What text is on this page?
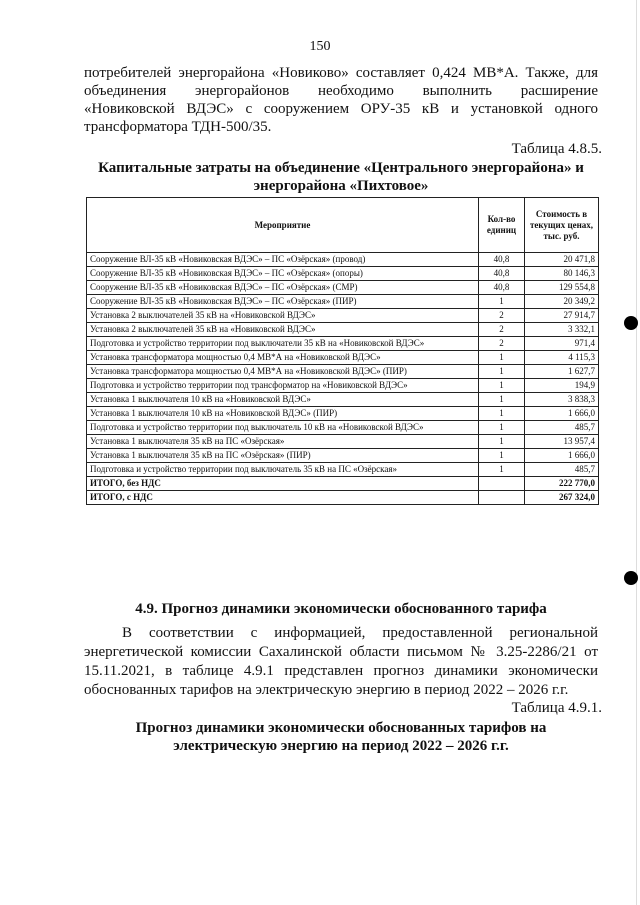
150
потребителей энергорайона «Новиково» составляет 0,424 МВ*А. Также, для
объединения энергорайонов необходимо выполнить расширение
«Новиковской ВДЭС» с сооружением ОРУ-35 кВ и установкой одного
трансформатора ТДН-500/35.
Таблица 4.8.5.
Капитальные затраты на объединение «Центрального энергорайона» и
энергорайона «Пихтовое»
Мероприятие	Кол-во единиц	Стоимость в текущих ценах, тыс. руб.
Сооружение ВЛ-35 кВ «Новиковская ВДЭС» – ПС «Озёрская» (провод)	40,8	20 471,8
Сооружение ВЛ-35 кВ «Новиковская ВДЭС» – ПС «Озёрская» (опоры)	40,8	80 146,3
Сооружение ВЛ-35 кВ «Новиковская ВДЭС» – ПС «Озёрская» (СМР)	40,8	129 554,8
Сооружение ВЛ-35 кВ «Новиковская ВДЭС» – ПС «Озёрская» (ПИР)	1	20 349,2
Установка 2 выключателей 35 кВ на «Новиковской ВДЭС»	2	27 914,7
Установка 2 выключателей 35 кВ на «Новиковской ВДЭС»	2	3 332,1
Подготовка и устройство территории под выключатели 35 кВ на «Новиковской ВДЭС»	2	971,4
Установка трансформатора мощностью 0,4 МВ*А на «Новиковской ВДЭС»	1	4 115,3
Установка трансформатора мощностью 0,4 МВ*А на «Новиковской ВДЭС» (ПИР)	1	1 627,7
Подготовка и устройство территории под трансформатор на «Новиковской ВДЭС»	1	194,9
Установка 1 выключателя 10 кВ на «Новиковской ВДЭС»	1	3 838,3
Установка 1 выключателя 10 кВ на «Новиковской ВДЭС» (ПИР)	1	1 666,0
Подготовка и устройство территории под выключатель 10 кВ на «Новиковской ВДЭС»	1	485,7
Установка 1 выключателя 35 кВ на ПС «Озёрская»	1	13 957,4
Установка 1 выключателя 35 кВ на ПС «Озёрская» (ПИР)	1	1 666,0
Подготовка и устройство территории под выключатель 35 кВ на ПС «Озёрская»	1	485,7
ИТОГО, без НДС		222 770,0
ИТОГО, с НДС		267 324,0
4.9. Прогноз динамики экономически обоснованного тарифа
В соответствии с информацией, предоставленной региональной
энергетической комиссии Сахалинской области письмом № 3.25-2286/21 от
15.11.2021, в таблице 4.9.1 представлен прогноз динамики экономически
обоснованных тарифов на электрическую энергию в период 2022 – 2026 г.г.
Таблица 4.9.1.
Прогноз динамики экономически обоснованных тарифов на
электрическую энергию на период 2022 – 2026 г.г.
